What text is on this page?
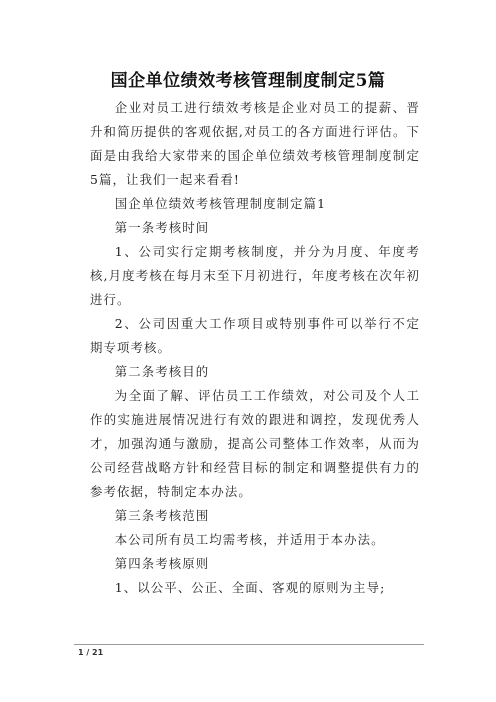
国企单位绩效考核管理制度制定5篇

企业对员工进行绩效考核是企业对员工的提薪、晋升和简历提供的客观依据,对员工的各方面进行评估。下面是由我给大家带来的国企单位绩效考核管理制度制定5篇，让我们一起来看看!

国企单位绩效考核管理制度制定篇1

第一条考核时间

1、公司实行定期考核制度，并分为月度、年度考核,月度考核在每月末至下月初进行，年度考核在次年初进行。

2、公司因重大工作项目或特别事件可以举行不定期专项考核。

第二条考核目的

为全面了解、评估员工工作绩效，对公司及个人工作的实施进展情况进行有效的跟进和调控，发现优秀人才，加强沟通与激励，提高公司整体工作效率，从而为公司经营战略方针和经营目标的制定和调整提供有力的参考依据，特制定本办法。

第三条考核范围

本公司所有员工均需考核，并适用于本办法。

第四条考核原则

1、以公平、公正、全面、客观的原则为主导;

1 / 21
